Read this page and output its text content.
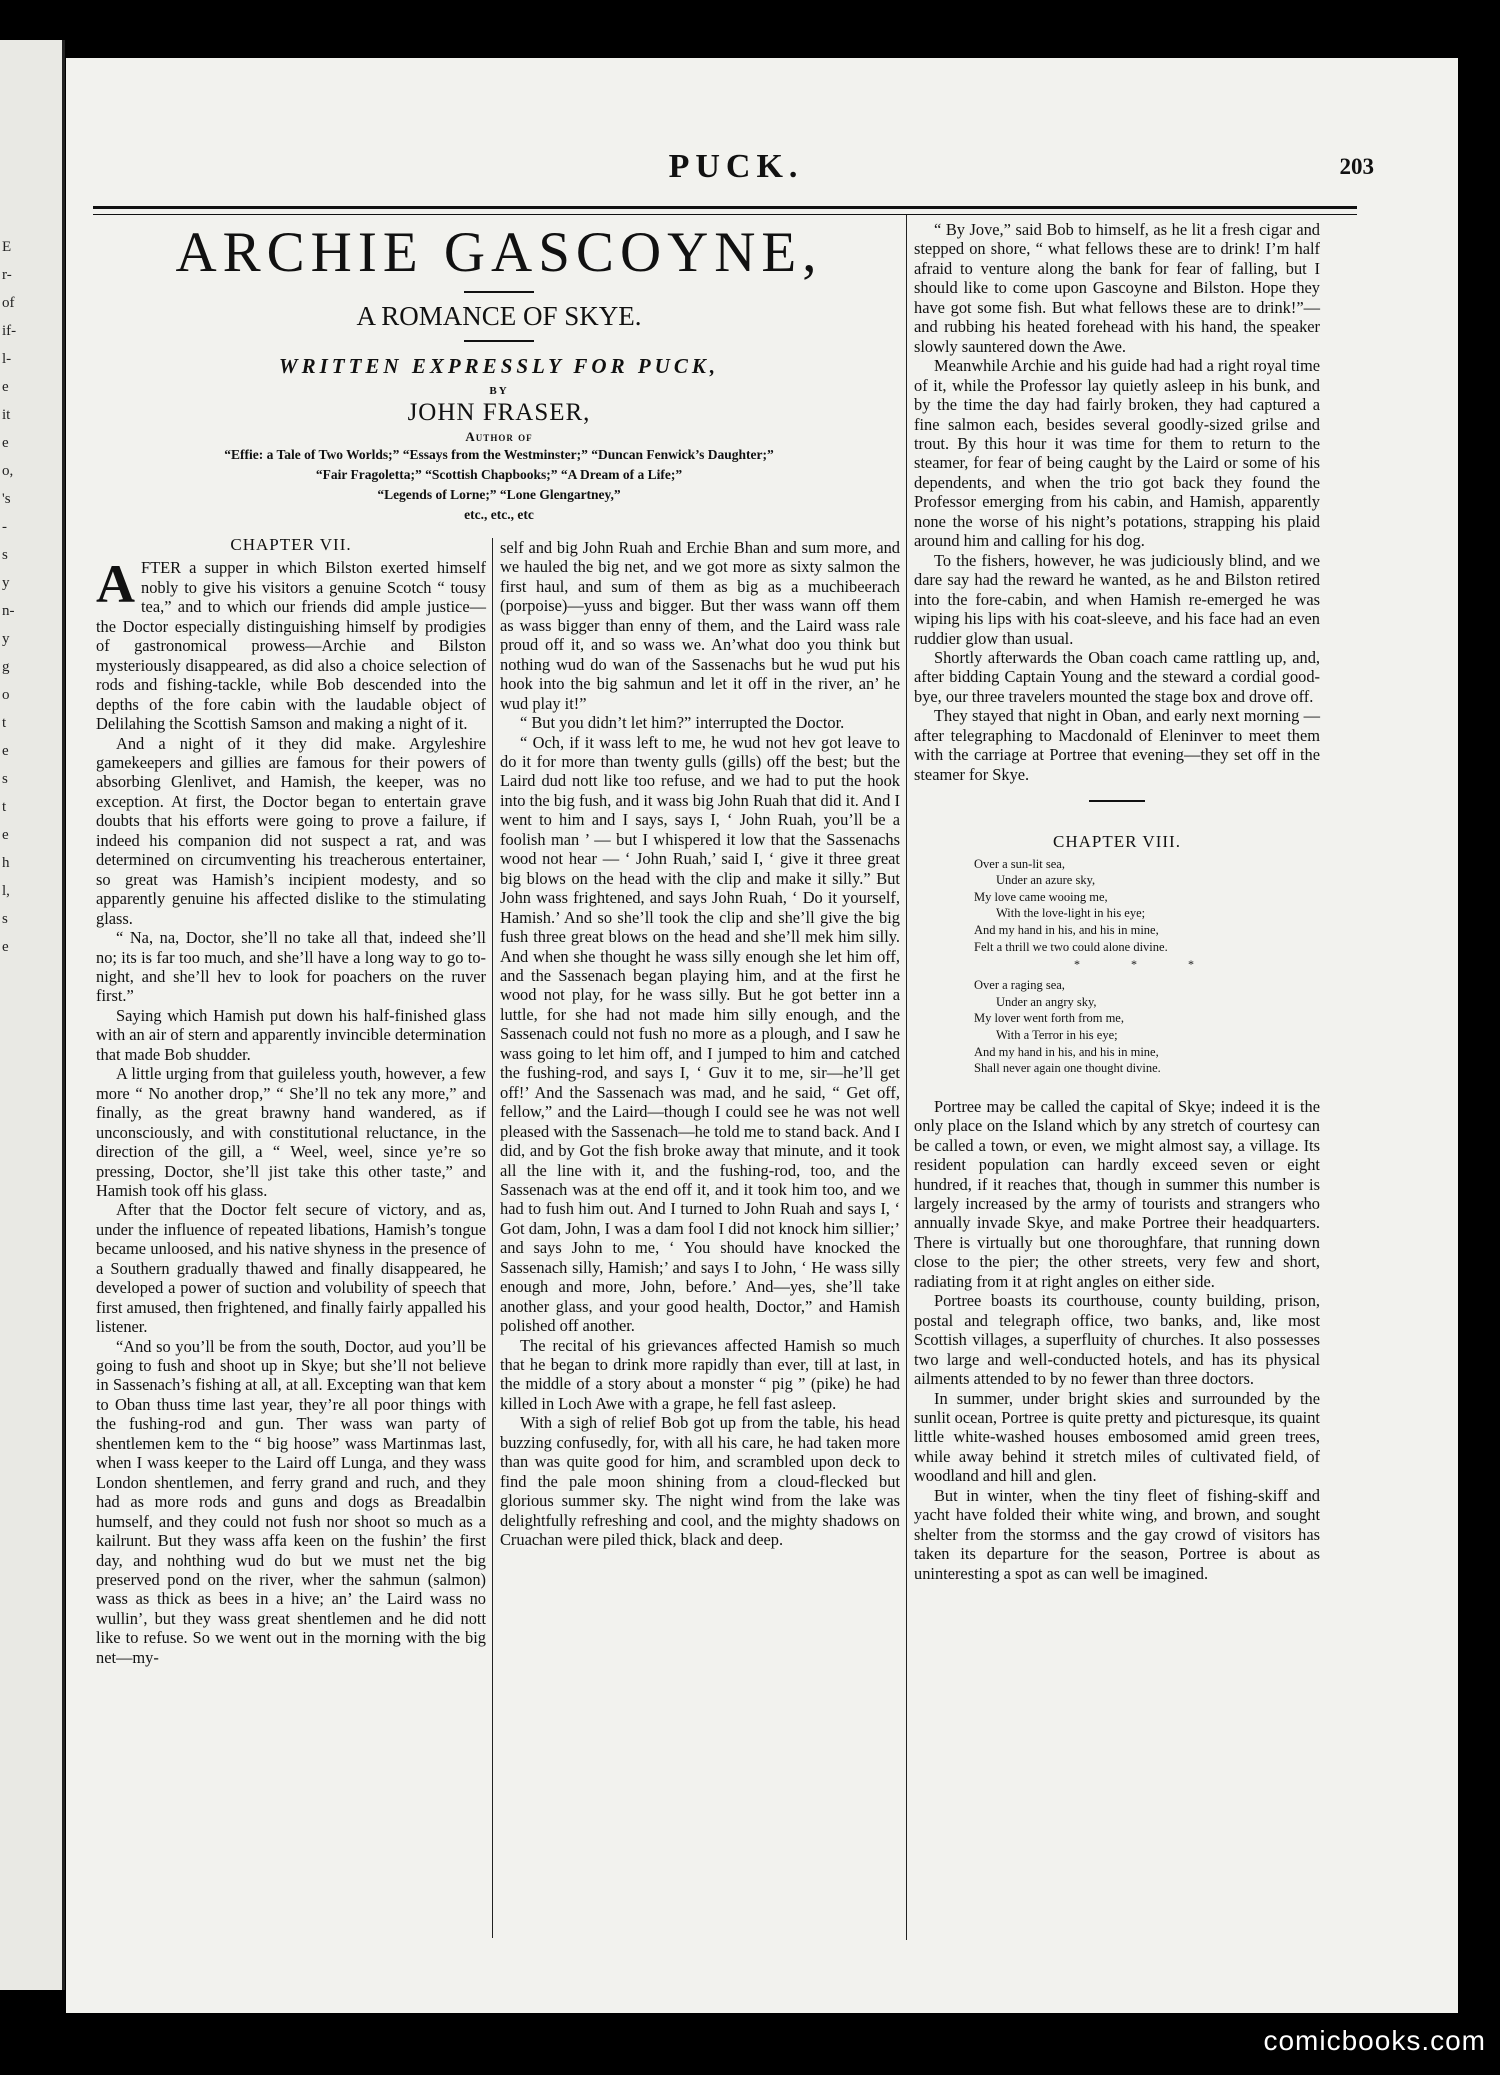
E
r-
of
if-
l-
e
it
e
o,
's
-
s
y
n-
y
g
o
t
e
s
t
e
h
l,
s
e
PUCK.	203
ARCHIE GASCOYNE,
A ROMANCE OF SKYE.
WRITTEN EXPRESSLY FOR PUCK,
BY
JOHN FRASER,
Author of
“Effie: a Tale of Two Worlds;” “Essays from the Westminster;” “Duncan Fenwick’s Daughter;”
“Fair Fragoletta;” “Scottish Chapbooks;” “A Dream of a Life;”
“Legends of Lorne;” “Lone Glengartney,”
etc., etc., etc
CHAPTER VII.

AFTER a supper in which Bilston exerted himself nobly to give his visitors a genuine Scotch “ tousy tea,” and to which our friends did ample justice—the Doctor especially distinguishing himself by prodigies of gastronomical prowess—Archie and Bilston mysteriously disappeared, as did also a choice selection of rods and fishing-tackle, while Bob descended into the depths of the fore cabin with the laudable object of Delilahing the Scottish Samson and making a night of it.

And a night of it they did make. Argyleshire gamekeepers and gillies are famous for their powers of absorbing Glenlivet, and Hamish, the keeper, was no exception. At first, the Doctor began to entertain grave doubts that his efforts were going to prove a failure, if indeed his companion did not suspect a rat, and was determined on circumventing his treacherous entertainer, so great was Hamish’s incipient modesty, and so apparently genuine his affected dislike to the stimulating glass.

“ Na, na, Doctor, she’ll no take all that, indeed she’ll no; its is far too much, and she’ll have a long way to go to-night, and she’ll hev to look for poachers on the ruver first.”

Saying which Hamish put down his half-finished glass with an air of stern and apparently invincible determination that made Bob shudder.

A little urging from that guileless youth, however, a few more “ No another drop,” “ She’ll no tek any more,” and finally, as the great brawny hand wandered, as if unconsciously, and with constitutional reluctance, in the direction of the gill, a “ Weel, weel, since ye’re so pressing, Doctor, she’ll jist take this other taste,” and Hamish took off his glass.

After that the Doctor felt secure of victory, and as, under the influence of repeated libations, Hamish’s tongue became unloosed, and his native shyness in the presence of a Southern gradually thawed and finally disappeared, he developed a power of suction and volubility of speech that first amused, then frightened, and finally fairly appalled his listener.

“And so you’ll be from the south, Doctor, aud you’ll be going to fush and shoot up in Skye; but she’ll not believe in Sassenach’s fishing at all, at all. Excepting wan that kem to Oban thuss time last year, they’re all poor things with the fushing-rod and gun. Ther wass wan party of shentlemen kem to the “ big hoose” wass Martinmas last, when I wass keeper to the Laird off Lunga, and they wass London shentlemen, and ferry grand and ruch, and they had as more rods and guns and dogs as Breadalbin humself, and they could not fush nor shoot so much as a kailrunt. But they wass affa keen on the fushin’ the first day, and nohthing wud do but we must net the big preserved pond on the river, wher the sahmun (salmon) wass as thick as bees in a hive; an’ the Laird wass no wullin’, but they wass great shentlemen and he did nott like to refuse. So we went out in the morning with the big net—my-

self and big John Ruah and Erchie Bhan and sum more, and we hauled the big net, and we got more as sixty salmon the first haul, and sum of them as big as a muchibeerach (porpoise)—yuss and bigger. But ther wass wann off them as wass bigger than enny of them, and the Laird wass rale proud off it, and so wass we. An’what doo you think but nothing wud do wan of the Sassenachs but he wud put his hook into the big sahmun and let it off in the river, an’ he wud play it!”

“ But you didn’t let him?” interrupted the Doctor.

“ Och, if it wass left to me, he wud not hev got leave to do it for more than twenty gulls (gills) off the best; but the Laird dud nott like too refuse, and we had to put the hook into the big fush, and it wass big John Ruah that did it. And I went to him and I says, says I, ‘ John Ruah, you’ll be a foolish man ’ — but I whispered it low that the Sassenachs wood not hear — ‘ John Ruah,’ said I, ‘ give it three great big blows on the head with the clip and make it silly.” But John wass frightened, and says John Ruah, ‘ Do it yourself, Hamish.’ And so she’ll took the clip and she’ll give the big fush three great blows on the head and she’ll mek him silly. And when she thought he wass silly enough she let him off, and the Sassenach began playing him, and at the first he wood not play, for he wass silly. But he got better inn a luttle, for she had not made him silly enough, and the Sassenach could not fush no more as a plough, and I saw he wass going to let him off, and I jumped to him and catched the fushing-rod, and says I, ‘ Guv it to me, sir—he’ll get off!’ And the Sassenach was mad, and he said, “ Get off, fellow,” and the Laird—though I could see he was not well pleased with the Sassenach—he told me to stand back. And I did, and by Got the fish broke away that minute, and it took all the line with it, and the fushing-rod, too, and the Sassenach was at the end off it, and it took him too, and we had to fush him out. And I turned to John Ruah and says I, ‘ Got dam, John, I was a dam fool I did not knock him sillier;’ and says John to me, ‘ You should have knocked the Sassenach silly, Hamish;’ and says I to John, ‘ He wass silly enough and more, John, before.’ And—yes, she’ll take another glass, and your good health, Doctor,” and Hamish polished off another.

The recital of his grievances affected Hamish so much that he began to drink more rapidly than ever, till at last, in the middle of a story about a monster “ pig ” (pike) he had killed in Loch Awe with a grape, he fell fast asleep.

With a sigh of relief Bob got up from the table, his head buzzing confusedly, for, with all his care, he had taken more than was quite good for him, and scrambled upon deck to find the pale moon shining from a cloud-flecked but glorious summer sky. The night wind from the lake was delightfully refreshing and cool, and the mighty shadows on Cruachan were piled thick, black and deep.

“ By Jove,” said Bob to himself, as he lit a fresh cigar and stepped on shore, “ what fellows these are to drink! I’m half afraid to venture along the bank for fear of falling, but I should like to come upon Gascoyne and Bilston. Hope they have got some fish. But what fellows these are to drink!”—and rubbing his heated forehead with his hand, the speaker slowly sauntered down the Awe.

Meanwhile Archie and his guide had had a right royal time of it, while the Professor lay quietly asleep in his bunk, and by the time the day had fairly broken, they had captured a fine salmon each, besides several goodly-sized grilse and trout. By this hour it was time for them to return to the steamer, for fear of being caught by the Laird or some of his dependents, and when the trio got back they found the Professor emerging from his cabin, and Hamish, apparently none the worse of his night’s potations, strapping his plaid around him and calling for his dog.

To the fishers, however, he was judiciously blind, and we dare say had the reward he wanted, as he and Bilston retired into the fore-cabin, and when Hamish re-emerged he was wiping his lips with his coat-sleeve, and his face had an even ruddier glow than usual.

Shortly afterwards the Oban coach came rattling up, and, after bidding Captain Young and the steward a cordial good-bye, our three travelers mounted the stage box and drove off.

They stayed that night in Oban, and early next morning — after telegraphing to Macdonald of Eleninver to meet them with the carriage at Portree that evening—they set off in the steamer for Skye.

CHAPTER VIII.
Over a sun-lit sea,
Under an azure sky,
My love came wooing me,
With the love-light in his eye;
And my hand in his, and his in mine,
Felt a thrill we two could alone divine.
* * *
Over a raging sea,
Under an angry sky,
My lover went forth from me,
With a Terror in his eye;
And my hand in his, and his in mine,
Shall never again one thought divine.

Portree may be called the capital of Skye; indeed it is the only place on the Island which by any stretch of courtesy can be called a town, or even, we might almost say, a village. Its resident population can hardly exceed seven or eight hundred, if it reaches that, though in summer this number is largely increased by the army of tourists and strangers who annually invade Skye, and make Portree their headquarters. There is virtually but one thoroughfare, that running down close to the pier; the other streets, very few and short, radiating from it at right angles on either side.

Portree boasts its courthouse, county building, prison, postal and telegraph office, two banks, and, like most Scottish villages, a superfluity of churches. It also possesses two large and well-conducted hotels, and has its physical ailments attended to by no fewer than three doctors.

In summer, under bright skies and surrounded by the sunlit ocean, Portree is quite pretty and picturesque, its quaint little white-washed houses embosomed amid green trees, while away behind it stretch miles of cultivated field, of woodland and hill and glen.

But in winter, when the tiny fleet of fishing-skiff and yacht have folded their white wing, and brown, and sought shelter from the stormss and the gay crowd of visitors has taken its departure for the season, Portree is about as uninteresting a spot as can well be imagined.

comicbooks.com
